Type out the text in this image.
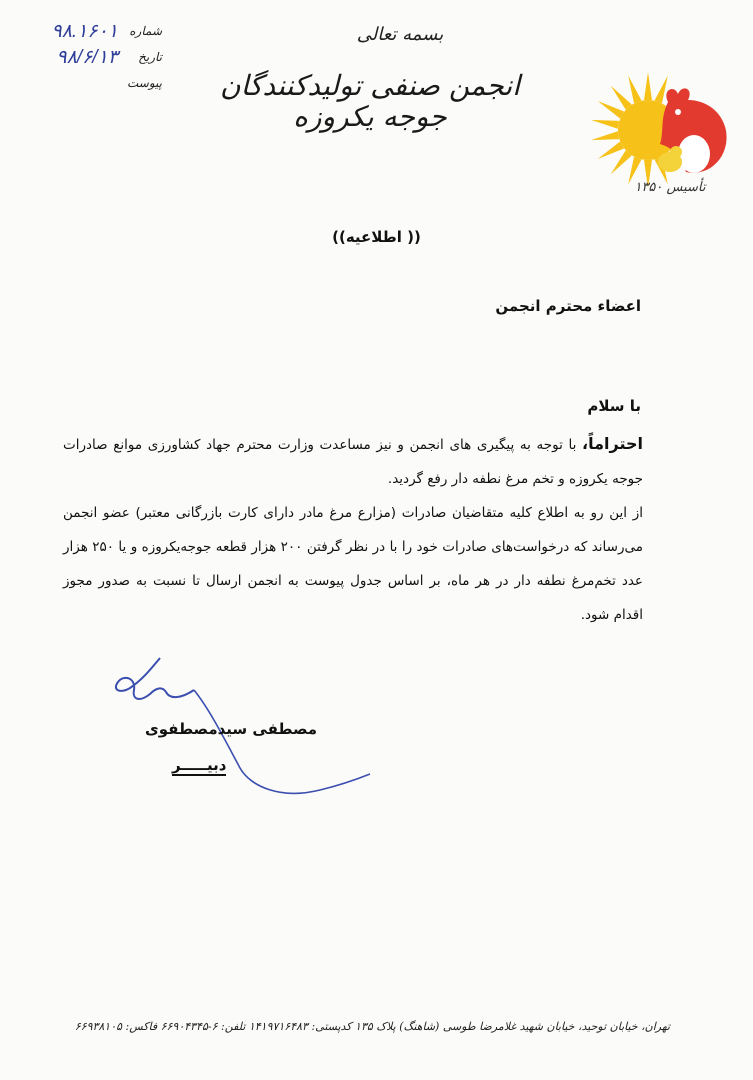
۹۸.۱۶۰۱ شماره
۹۸/۶/۱۳	تاریخ
پیوست
بسمه تعالی
انجمن صنفی تولیدکنندگان جوجه یکروزه
تأسیس ۱۳۵۰
(( اطلاعیه))
اعضاء محترم انجمن
با سلام

احتراماً، با توجه به پیگیری های انجمن و نیز مساعدت وزارت محترم جهاد کشاورزی موانع صادرات جوجه یکروزه و تخم مرغ نطفه دار رفع گردید.

از این رو به اطلاع کلیه متقاضیان صادرات (مزارع مرغ مادر دارای کارت بازرگانی معتبر) عضو انجمن می‌رساند که درخواست‌های صادرات خود را با در نظر گرفتن ۲۰۰ هزار قطعه جوجه‌یکروزه و یا ۲۵۰ هزار عدد تخم‌مرغ نطفه دار در هر ماه، بر اساس جدول پیوست به انجمن ارسال تا نسبت به صدور مجوز اقدام شود.

مصطفی سیدمصطفوی
دبیـــــر
تهران، خیابان توحید، خیابان شهید غلامرضا طوسی (شاهنگ) پلاک ۱۳۵ کدپستی: ۱۴۱۹۷۱۶۴۸۳ تلفن: ۶-۶۶۹۰۴۳۴۵ فاکس: ۶۶۹۳۸۱۰۵
